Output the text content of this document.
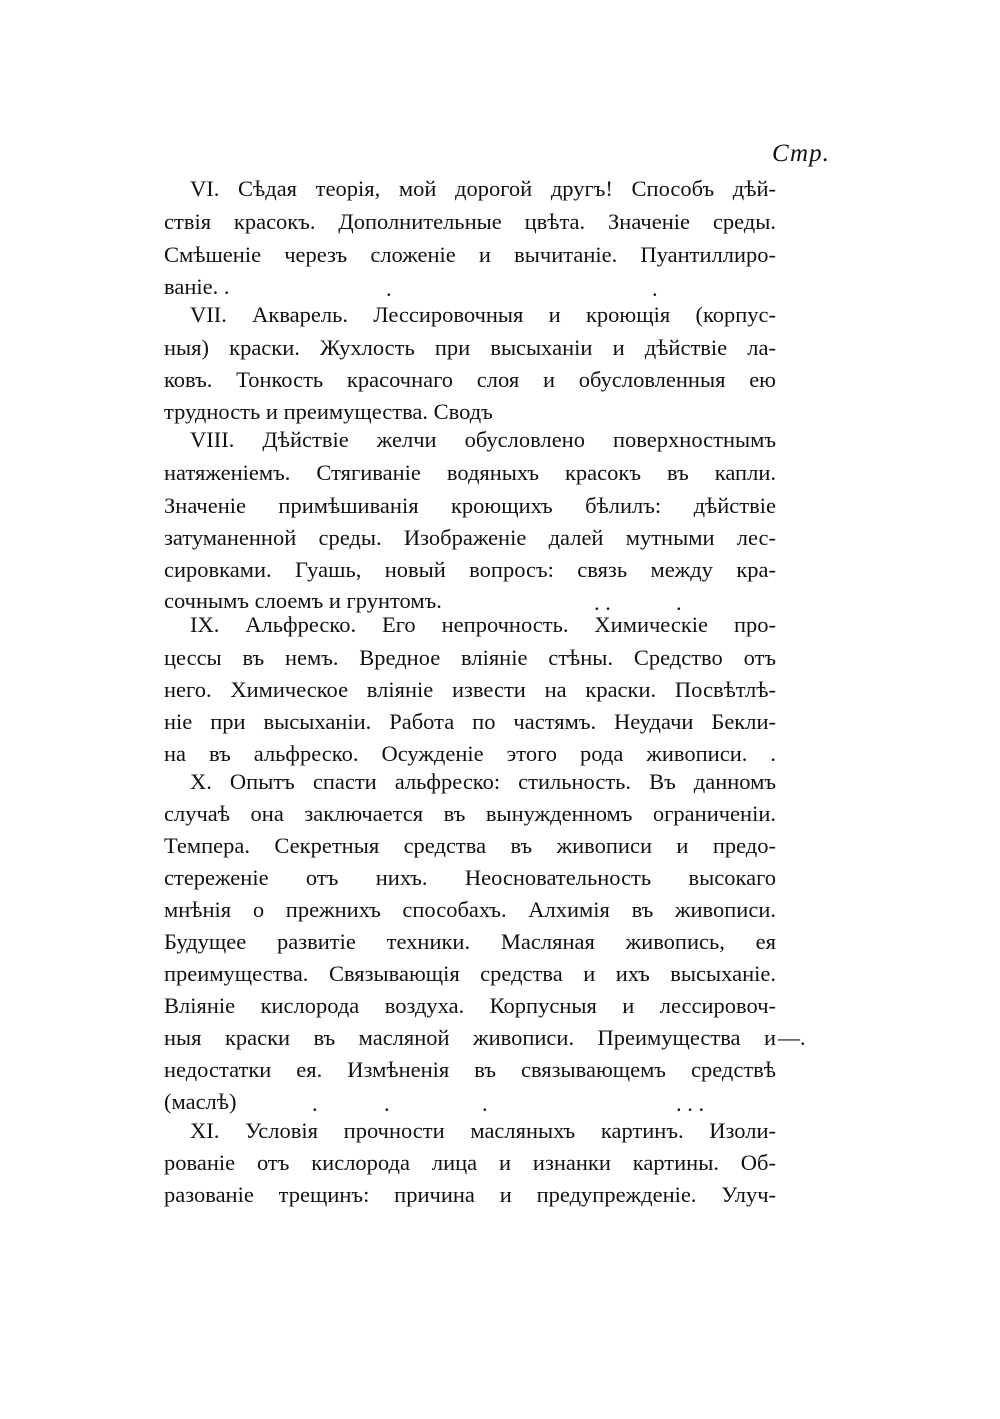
Стр.
VI. Сѣдая теорія, мой дорогой другъ! Способъ дѣй-
ствія красокъ. Дополнительные цвѣта. Значеніе среды.
Смѣшеніе черезъ сложеніе и вычитаніе. Пуантиллиро-
ваніе. .	.	.
VII. Акварель. Лессировочныя и кроющія (корпус-
ныя) краски. Жухлость при высыханіи и дѣйствіе ла-
ковъ. Тонкость красочнаго слоя и обусловленныя ею
трудность и преимущества. Сводъ
VIII. Дѣйствіе желчи обусловлено поверхностнымъ
натяженіемъ. Стягиваніе водяныхъ красокъ въ капли.
Значеніе примѣшиванія кроющихъ бѣлилъ: дѣйствіе
затуманенной среды. Изображеніе далей мутными лес-
сировками. Гуашь, новый вопросъ: связь между кра-
сочнымъ слоемъ и грунтомъ.	. .	.
IX. Альфреско. Его непрочность. Химическіе про-
цессы въ немъ. Вредное вліяніе стѣны. Средство отъ
него. Химическое вліяніе извести на краски. Посвѣтлѣ-
ніе при высыханіи. Работа по частямъ. Неудачи Бекли-
на въ альфреско. Осужденіе этого рода живописи. .
X. Опытъ спасти альфреско: стильность. Въ данномъ
случаѣ она заключается въ вынужденномъ ограниченіи.
Темпера. Секретныя средства въ живописи и предо-
стереженіе отъ нихъ. Неосновательность высокаго
мнѣнія о прежнихъ способахъ. Алхимія въ живописи.
Будущее развитіе техники. Масляная живопись, ея
преимущества. Связывающія средства и ихъ высыханіе.
Вліяніе кислорода воздуха. Корпусныя и лессировоч-
ныя краски въ масляной живописи. Преимущества и
недостатки ея. Измѣненія въ связывающемъ средствѣ
(маслѣ)	.	.	.	. . .
—.
XI. Условія прочности масляныхъ картинъ. Изоли-
рованіе отъ кислорода лица и изнанки картины. Об-
разованіе трещинъ: причина и предупрежденіе. Улуч-
